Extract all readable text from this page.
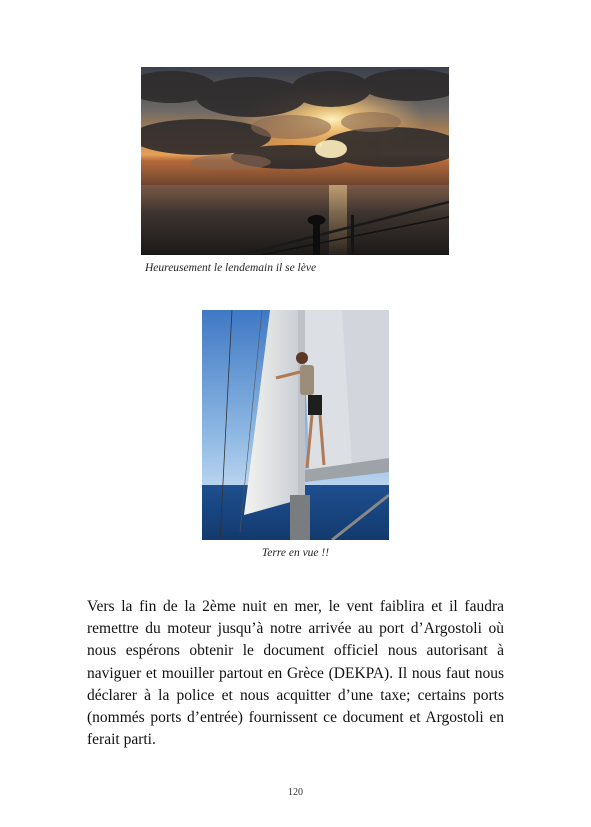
Heureusement le lendemain il se lève
Terre en vue !!

Vers la fin de la 2ème nuit en mer, le vent faiblira et il faudra remettre du moteur jusqu’à notre arrivée au port d’Argostoli où nous espérons obtenir le document officiel nous autorisant à naviguer et mouiller partout en Grèce (DEKPA). Il nous faut nous déclarer à la police et nous acquitter d’une taxe; certains ports (nommés ports d’entrée) fournissent ce document et Argostoli en ferait parti.

120
